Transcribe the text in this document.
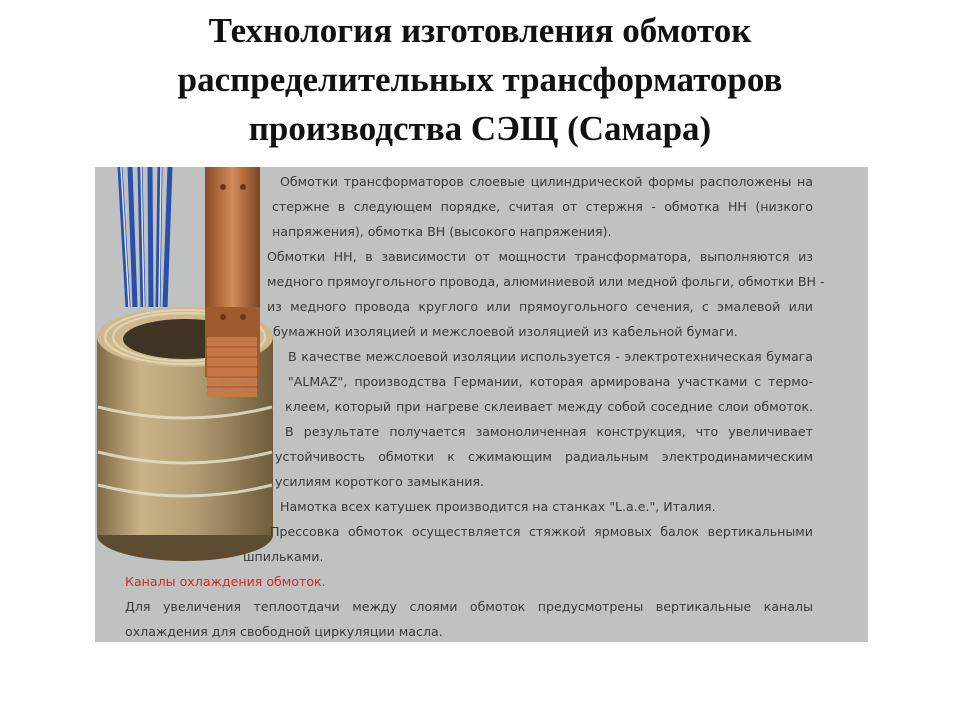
Технология изготовления обмоток
распределительных трансформаторов
производства СЭЩ (Самара)
Обмотки трансформаторов слоевые цилиндрической формы расположены на
стержне в следующем порядке, считая от стержня - обмотка НН (низкого
напряжения), обмотка ВН (высокого напряжения).
Обмотки НН, в зависимости от мощности трансформатора, выполняются из
медного прямоугольного провода, алюминиевой или медной фольги, обмотки ВН -
из медного провода круглого или прямоугольного сечения, с эмалевой или
бумажной изоляцией и межслоевой изоляцией из кабельной бумаги.
В качестве межслоевой изоляции используется - электротехническая бумага
"ALMAZ", производства Германии, которая армирована участками с термо-
клеем, который при нагреве склеивает между собой соседние слои обмоток.
В результате получается замоноличенная конструкция, что увеличивает
устойчивость обмотки к сжимающим радиальным электродинамическим
усилиям короткого замыкания.
Намотка всех катушек производится на станках "L.a.e.", Италия.
Прессовка обмоток осуществляется стяжкой ярмовых балок вертикальными
шпильками.
Каналы охлаждения обмоток.
Для увеличения теплоотдачи между слоями обмоток предусмотрены вертикальные каналы
охлаждения для свободной циркуляции масла.
